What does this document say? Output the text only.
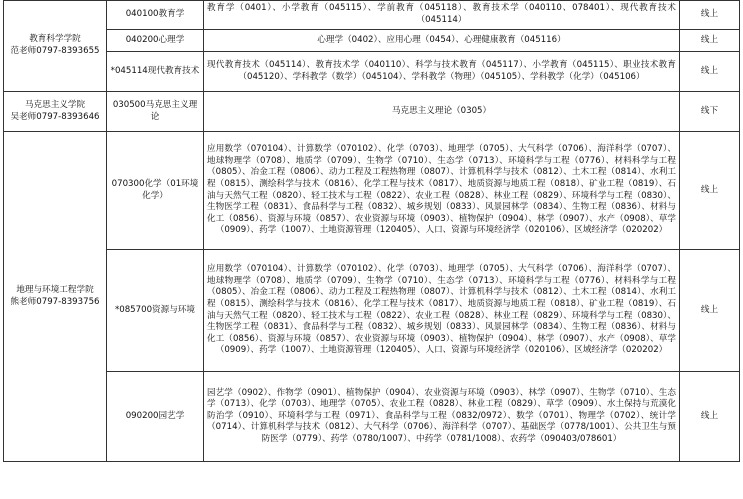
教育科学学院
范老师0797-8393655	040100教育学	教育学（0401）、小学教育（045115）、学前教育（045118）、教育技术学（040110、078401）、现代教育技术（045114）	线上
	040200心理学	心理学（0402）、应用心理（0454）、心理健康教育（045116）	线上
	*045114现代教育技术	现代教育技术（045114）、教育技术学（040110）、科学与技术教育（045117）、小学教育（045115）、职业技术教育（045120）、学科教学（数学）（045104）、学科教学（物理）（045105）、学科教学（化学）（045106）	线上

马克思主义学院
吴老师0797-8393646	030500马克思主义理论	马克思主义理论（0305）	线下

地理与环境工程学院
熊老师0797-8393756	070300化学（01环境化学）	应用数学（070104）、计算数学（070102）、化学（0703）、地理学（0705）、大气科学（0706）、海洋科学（0707）、地球物理学（0708）、地质学（0709）、生物学（0710）、生态学（0713）、环境科学与工程（0776）、材料科学与工程（0805）、冶金工程（0806）、动力工程及工程热物理（0807）、计算机科学与技术（0812）、土木工程（0814）、水利工程（0815）、测绘科学与技术（0816）、化学工程与技术（0817）、地质资源与地质工程（0818）、矿业工程（0819）、石油与天然气工程（0820）、轻工技术与工程（0822）、农业工程（0828）、林业工程（0829）、环境科学与工程（0830）、生物医学工程（0831）、食品科学与工程（0832）、城乡规划（0833）、风景园林学（0834）、生物工程（0836）、材料与化工（0856）、资源与环境（0857）、农业资源与环境（0903）、植物保护（0904）、林学（0907）、水产（0908）、草学（0909）、药学（1007）、土地资源管理（120405）、人口、资源与环境经济学（020106）、区域经济学（020202）	线上
	*085700资源与环境	应用数学（070104）、计算数学（070102）、化学（0703）、地理学（0705）、大气科学（0706）、海洋科学（0707）、地球物理学（0708）、地质学（0709）、生物学（0710）、生态学（0713）、环境科学与工程（0776）、材料科学与工程（0805）、冶金工程（0806）、动力工程及工程热物理（0807）、计算机科学与技术（0812）、土木工程（0814）、水利工程（0815）、测绘科学与技术（0816）、化学工程与技术（0817）、地质资源与地质工程（0818）、矿业工程（0819）、石油与天然气工程（0820）、轻工技术与工程（0822）、农业工程（0828）、林业工程（0829）、环境科学与工程（0830）、生物医学工程（0831）、食品科学与工程（0832）、城乡规划（0833）、风景园林学（0834）、生物工程（0836）、材料与化工（0856）、资源与环境（0857）、农业资源与环境（0903）、植物保护（0904）、林学（0907）、水产（0908）、草学（0909）、药学（1007）、土地资源管理（120405）、人口、资源与环境经济学（020106）、区域经济学（020202）	线上
	090200园艺学	园艺学（0902）、作物学（0901）、植物保护（0904）、农业资源与环境（0903）、林学（0907）、生物学（0710）、生态学（0713）、化学（0703）、地理学（0705）、农业工程（0828）、林业工程（0829）、草学（0909）、水土保持与荒漠化防治学（0910）、环境科学与工程（0971）、食品科学与工程（0832/0972）、数学（0701）、物理学（0702）、统计学（0714）、计算机科学与技术（0812）、大气科学（0706）、海洋科学（0707）、基础医学（0778/1001）、公共卫生与预防医学（0779）、药学（0780/1007）、中药学（0781/1008）、农药学（090403/078601）	线上
